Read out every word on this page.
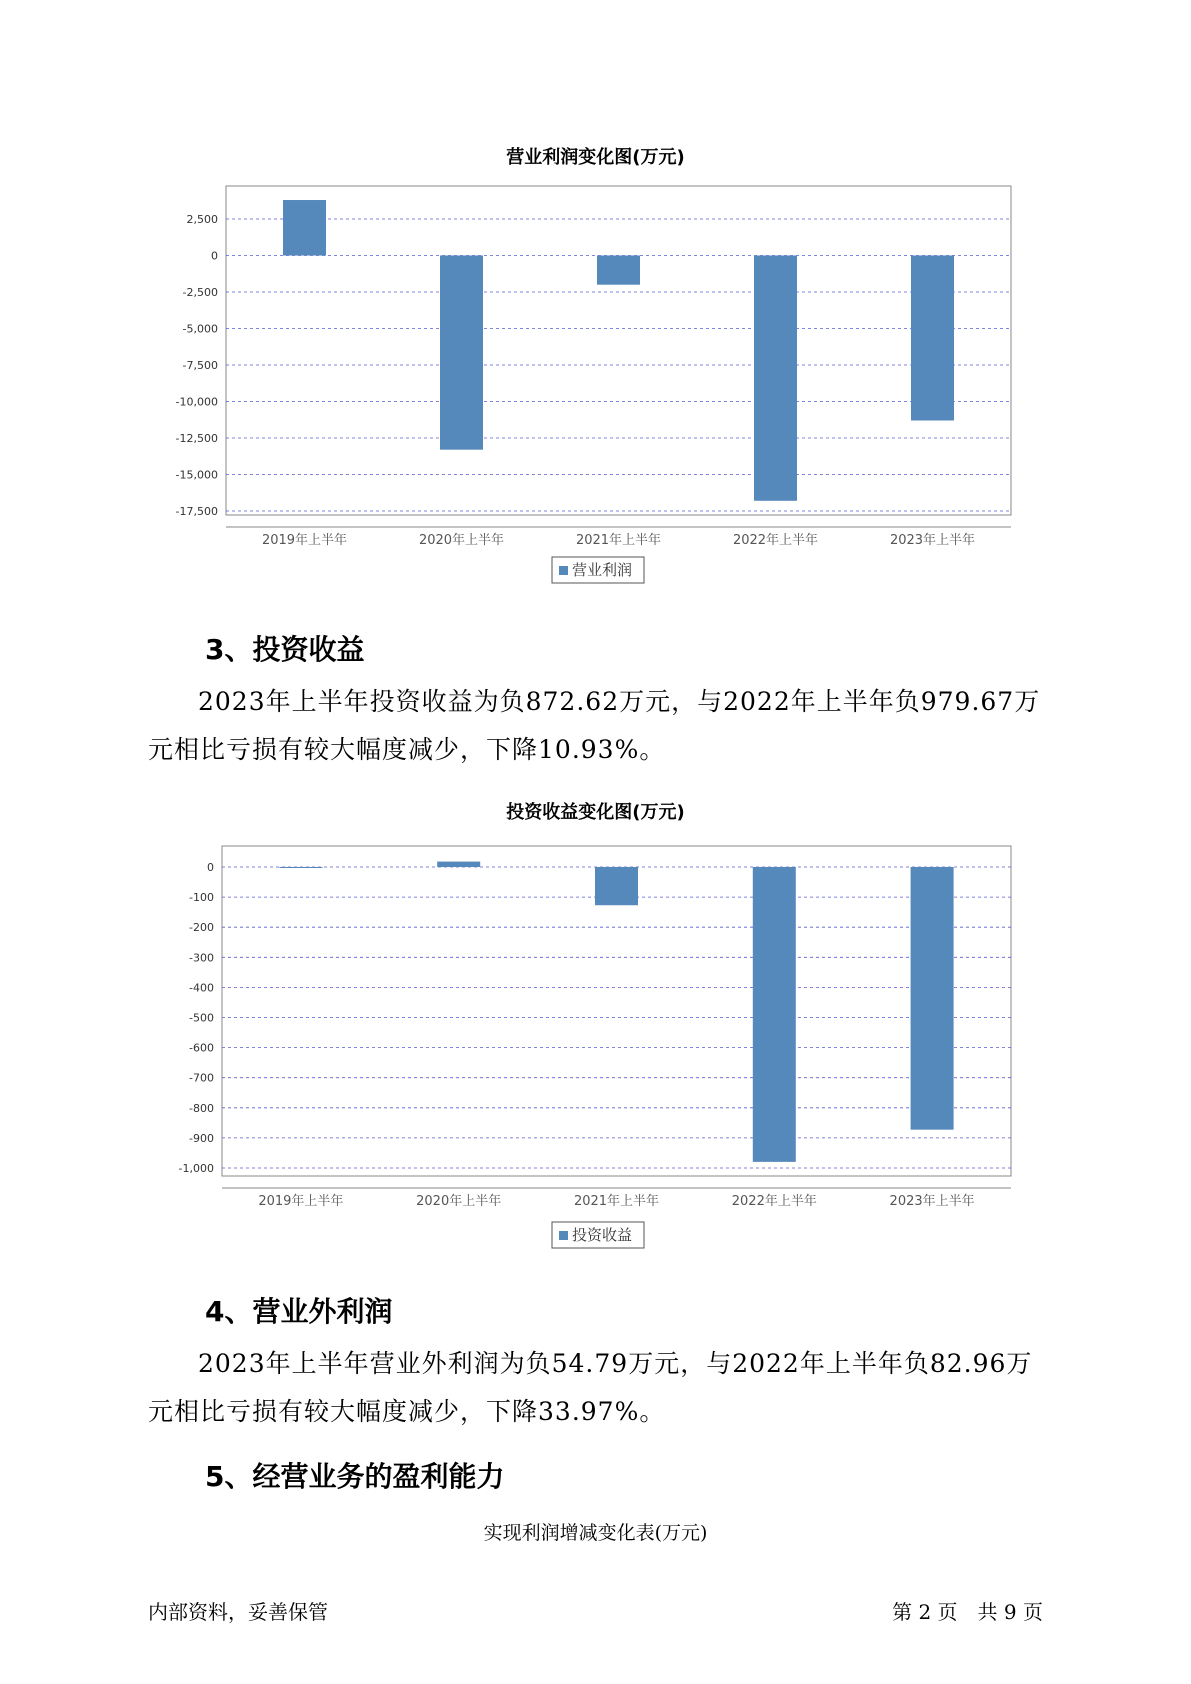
营业利润变化图(万元)
2,500
0
-2,500
-5,000
-7,500
-10,000
-12,500
-15,000
-17,500
2019年上半年	2020年上半年	2021年上半年	2022年上半年	2023年上半年
营业利润
3、投资收益

2023年上半年投资收益为负872.62万元，与2022年上半年负979.67万
元相比亏损有较大幅度减少，下降10.93%。

投资收益变化图(万元)
0
-100
-200
-300
-400
-500
-600
-700
-800
-900
-1,000
2019年上半年	2020年上半年	2021年上半年	2022年上半年	2023年上半年
投资收益
4、营业外利润

2023年上半年营业外利润为负54.79万元，与2022年上半年负82.96万
元相比亏损有较大幅度减少，下降33.97%。

5、经营业务的盈利能力
实现利润增减变化表(万元)
内部资料，妥善保管	第 2 页　共 9 页
